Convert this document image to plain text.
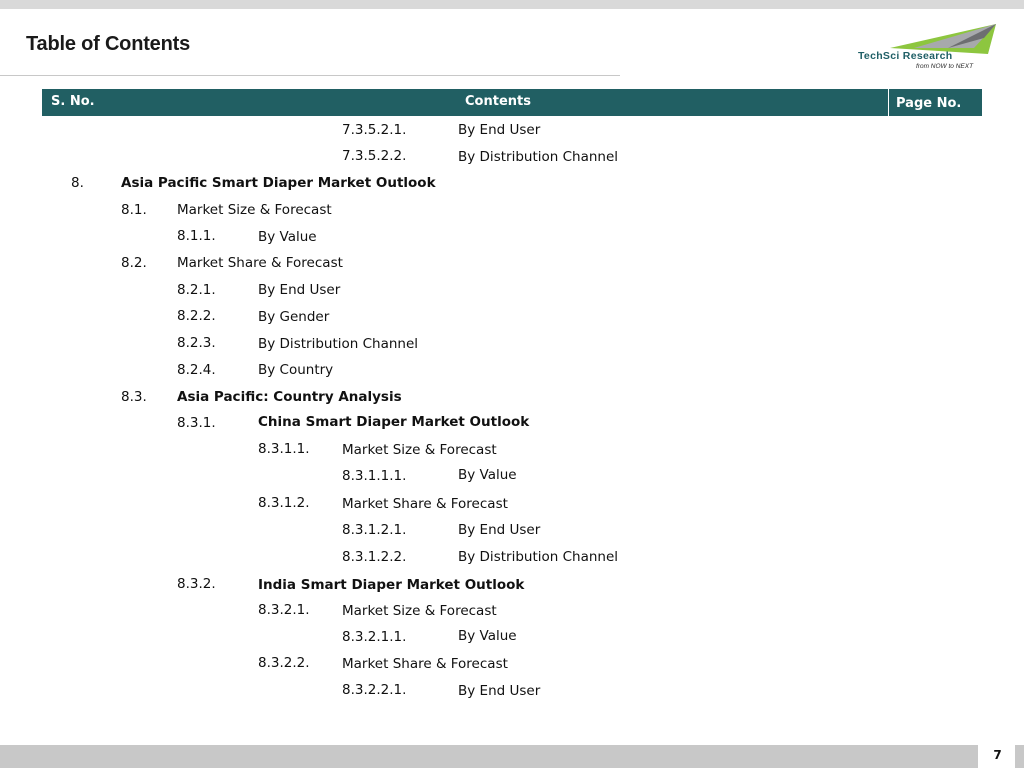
Table of Contents
TechSci Research
from NOW to NEXT
S. No.	Contents	Page No.
7.3.5.2.1.	By End User
7.3.5.2.2.	By Distribution Channel
8.	Asia Pacific Smart Diaper Market Outlook
8.1. Market Size & Forecast
8.1.1.	By Value
8.2. Market Share & Forecast
8.2.1.	By End User
8.2.2.	By Gender
8.2.3.	By Distribution Channel
8.2.4.	By Country
8.3. Asia Pacific: Country Analysis
8.3.1.	China Smart Diaper Market Outlook
8.3.1.1. Market Size & Forecast
8.3.1.1.1.	By Value
8.3.1.2. Market Share & Forecast
8.3.1.2.1.	By End User
8.3.1.2.2.	By Distribution Channel
8.3.2.	India Smart Diaper Market Outlook
8.3.2.1. Market Size & Forecast
8.3.2.1.1.	By Value
8.3.2.2. Market Share & Forecast
8.3.2.2.1.	By End User
7
